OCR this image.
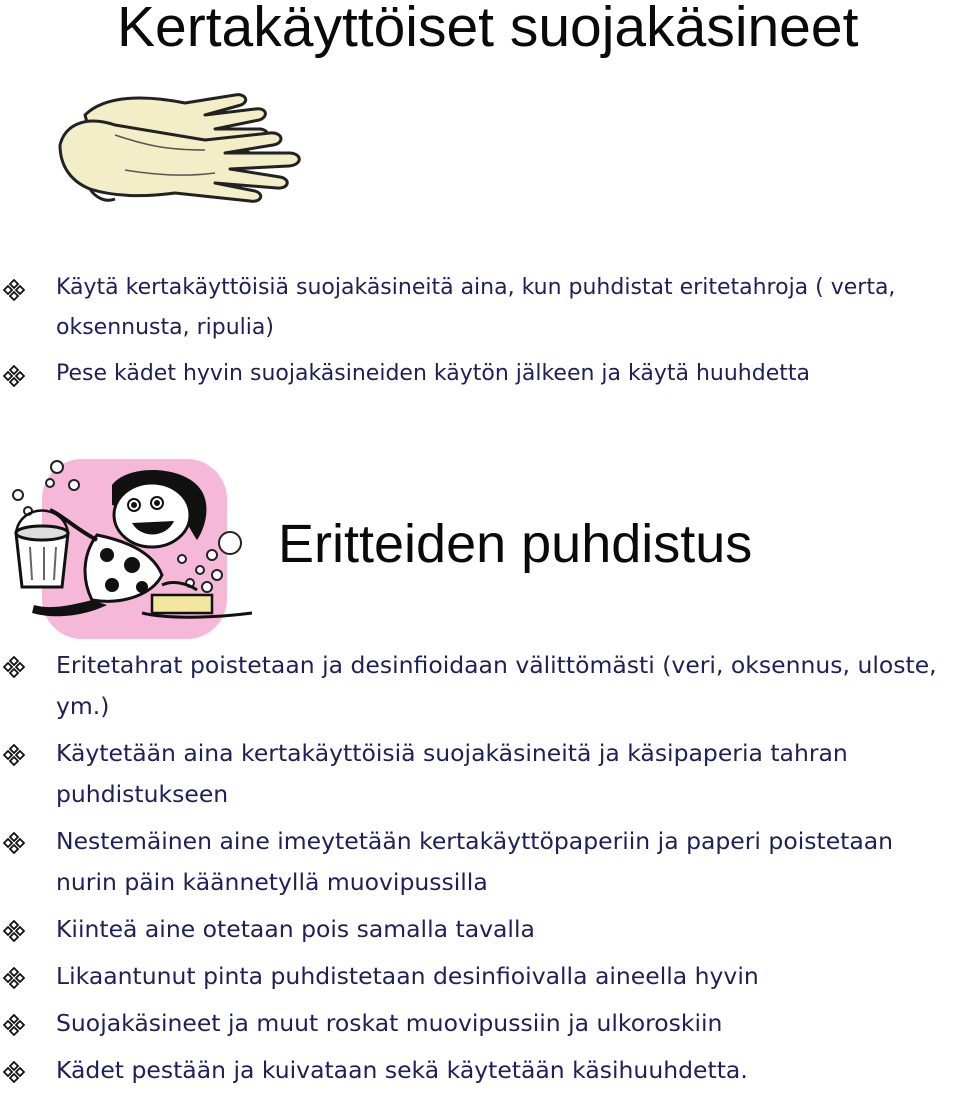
Kertakäyttöiset suojakäsineet
Käytä kertakäyttöisiä suojakäsineitä aina, kun puhdistat eritetahroja ( verta, oksennusta, ripulia)
Pese kädet hyvin suojakäsineiden käytön jälkeen ja käytä huuhdetta
Eritteiden puhdistus
Eritetahrat poistetaan ja desinfioidaan välittömästi (veri, oksennus, uloste, ym.)
Käytetään aina kertakäyttöisiä suojakäsineitä ja käsipaperia tahran puhdistukseen
Nestemäinen aine imeytetään kertakäyttöpaperiin ja paperi poistetaan nurin päin käännetyllä muovipussilla
Kiinteä aine otetaan pois samalla tavalla
Likaantunut pinta puhdistetaan desinfioivalla aineella hyvin
Suojakäsineet ja muut roskat muovipussiin ja ulkoroskiin
Kädet pestään ja kuivataan sekä käytetään käsihuuhdetta.
